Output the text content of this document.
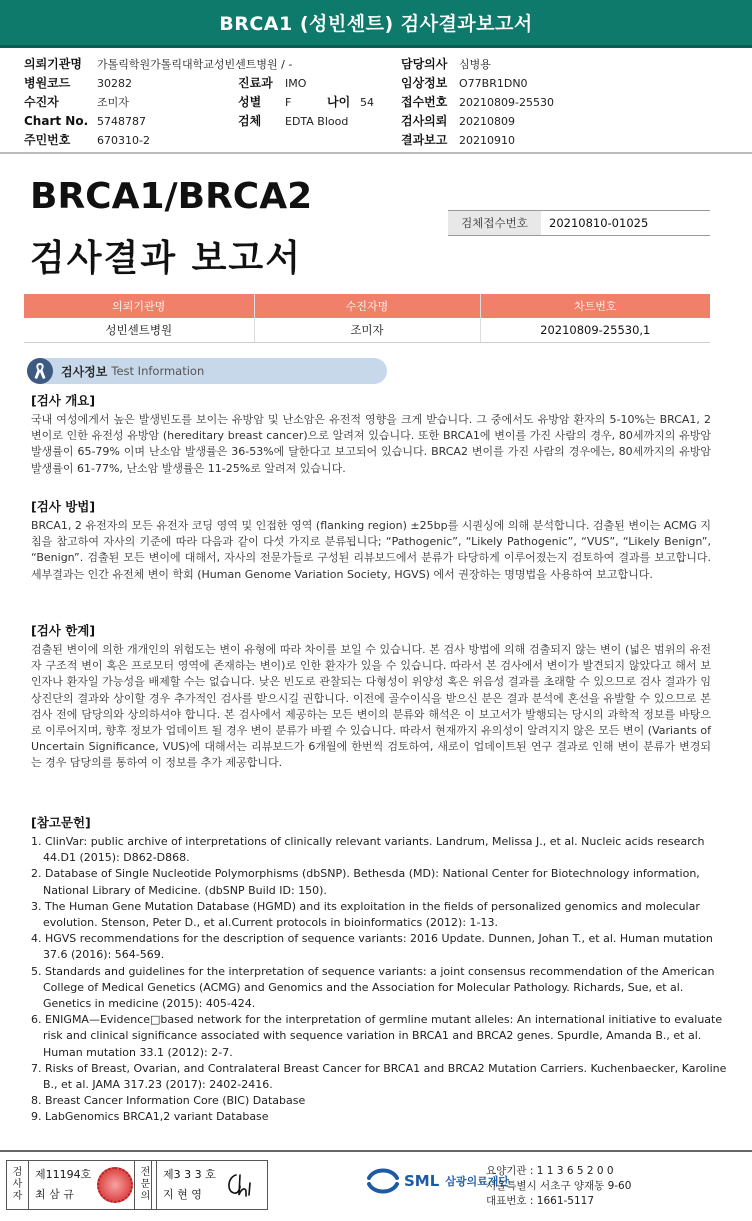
BRCA1 (성빈센트) 검사결과보고서
의뢰기관명 가톨릭학원가톨릭대학교성빈센트병원 / -	담당의사 심병용
병원코드 30282	진료과 IMO	임상정보 O77BR1DN0
수진자	조미자	성별 F	나이 54 접수번호 20210809-25530
Chart No. 5748787	검체 EDTA Blood	검사의뢰 20210809
주민번호 670310-2	결과보고 20210910
BRCA1/BRCA2
검사결과 보고서
검체접수번호	20210810-01025
의뢰기관명	수진자명	차트번호
성빈센트병원	조미자	20210809-25530,1
검사정보 Test Information
[검사 개요]

국내 여성에게서 높은 발생빈도를 보이는 유방암 및 난소암은 유전적 영향을 크게 받습니다. 그 중에서도 유방암 환자의 5-10%는 BRCA1, 2 변이로 인한 유전성 유방암 (hereditary breast cancer)으로 알려져 있습니다. 또한 BRCA1에 변이를 가진 사람의 경우, 80세까지의 유방암 발생률이 65-79% 이며 난소암 발생률은 36-53%에 달한다고 보고되어 있습니다. BRCA2 변이를 가진 사람의 경우에는, 80세까지의 유방암 발생률이 61-77%, 난소암 발생률은 11-25%로 알려져 있습니다.

[검사 방법]

BRCA1, 2 유전자의 모든 유전자 코딩 영역 및 인접한 영역 (flanking region) ±25bp를 시퀀싱에 의해 분석합니다. 검출된 변이는 ACMG 지침을 참고하여 자사의 기준에 따라 다음과 같이 다섯 가지로 분류됩니다; “Pathogenic”, “Likely Pathogenic”, “VUS”, “Likely Benign”, “Benign”. 검출된 모든 변이에 대해서, 자사의 전문가들로 구성된 리뷰보드에서 분류가 타당하게 이루어졌는지 검토하여 결과를 보고합니다. 세부결과는 인간 유전체 변이 학회 (Human Genome Variation Society, HGVS) 에서 권장하는 명명법을 사용하여 보고합니다.

[검사 한계]

검출된 변이에 의한 개개인의 위험도는 변이 유형에 따라 차이를 보일 수 있습니다. 본 검사 방법에 의해 검출되지 않는 변이 (넓은 범위의 유전자 구조적 변이 혹은 프로모터 영역에 존재하는 변이)로 인한 환자가 있을 수 있습니다. 따라서 본 검사에서 변이가 발견되지 않았다고 해서 보인자나 환자일 가능성을 배제할 수는 없습니다. 낮은 빈도로 관찰되는 다형성이 위양성 혹은 위음성 결과를 초래할 수 있으므로 검사 결과가 임상진단의 결과와 상이할 경우 추가적인 검사를 받으시길 권합니다. 이전에 골수이식을 받으신 분은 결과 분석에 혼선을 유발할 수 있으므로 본 검사 전에 담당의와 상의하셔야 합니다. 본 검사에서 제공하는 모든 변이의 분류와 해석은 이 보고서가 발행되는 당시의 과학적 정보를 바탕으로 이루어지며, 향후 정보가 업데이트 될 경우 변이 분류가 바뀔 수 있습니다. 따라서 현재까지 유의성이 알려지지 않은 모든 변이 (Variants of Uncertain Significance, VUS)에 대해서는 리뷰보드가 6개월에 한번씩 검토하여, 새로이 업데이트된 연구 결과로 인해 변이 분류가 변경되는 경우 담당의를 통하여 이 정보를 추가 제공합니다.

[참고문헌]
1. ClinVar: public archive of interpretations of clinically relevant variants. Landrum, Melissa J., et al. Nucleic acids research 44.D1 (2015): D862-D868.
2. Database of Single Nucleotide Polymorphisms (dbSNP). Bethesda (MD): National Center for Biotechnology information, National Library of Medicine. (dbSNP Build ID: 150).
3. The Human Gene Mutation Database (HGMD) and its exploitation in the fields of personalized genomics and molecular evolution. Stenson, Peter D., et al.Current protocols in bioinformatics (2012): 1-13.
4. HGVS recommendations for the description of sequence variants: 2016 Update. Dunnen, Johan T., et al. Human mutation 37.6 (2016): 564-569.
5. Standards and guidelines for the interpretation of sequence variants: a joint consensus recommendation of the American College of Medical Genetics (ACMG) and Genomics and the Association for Molecular Pathology. Richards, Sue, et al. Genetics in medicine (2015): 405-424.
6. ENIGMA—Evidence□based network for the interpretation of germline mutant alleles: An international initiative to evaluate risk and clinical significance associated with sequence variation in BRCA1 and BRCA2 genes. Spurdle, Amanda B., et al. Human mutation 33.1 (2012): 2-7.
7. Risks of Breast, Ovarian, and Contralateral Breast Cancer for BRCA1 and BRCA2 Mutation Carriers. Kuchenbaecker, Karoline B., et al. JAMA 317.23 (2017): 2402-2416.
8. Breast Cancer Information Core (BIC) Database
9. LabGenomics BRCA1,2 variant Database
검
사
자
제11194호
최 삼 규
전
문
의
제3 3 3 호
지 현 영
SML 삼광의료재단
요양기관 : 1 1 3 6 5 2 0 0
서울특별시 서초구 양재동 9-60
대표번호 : 1661-5117
